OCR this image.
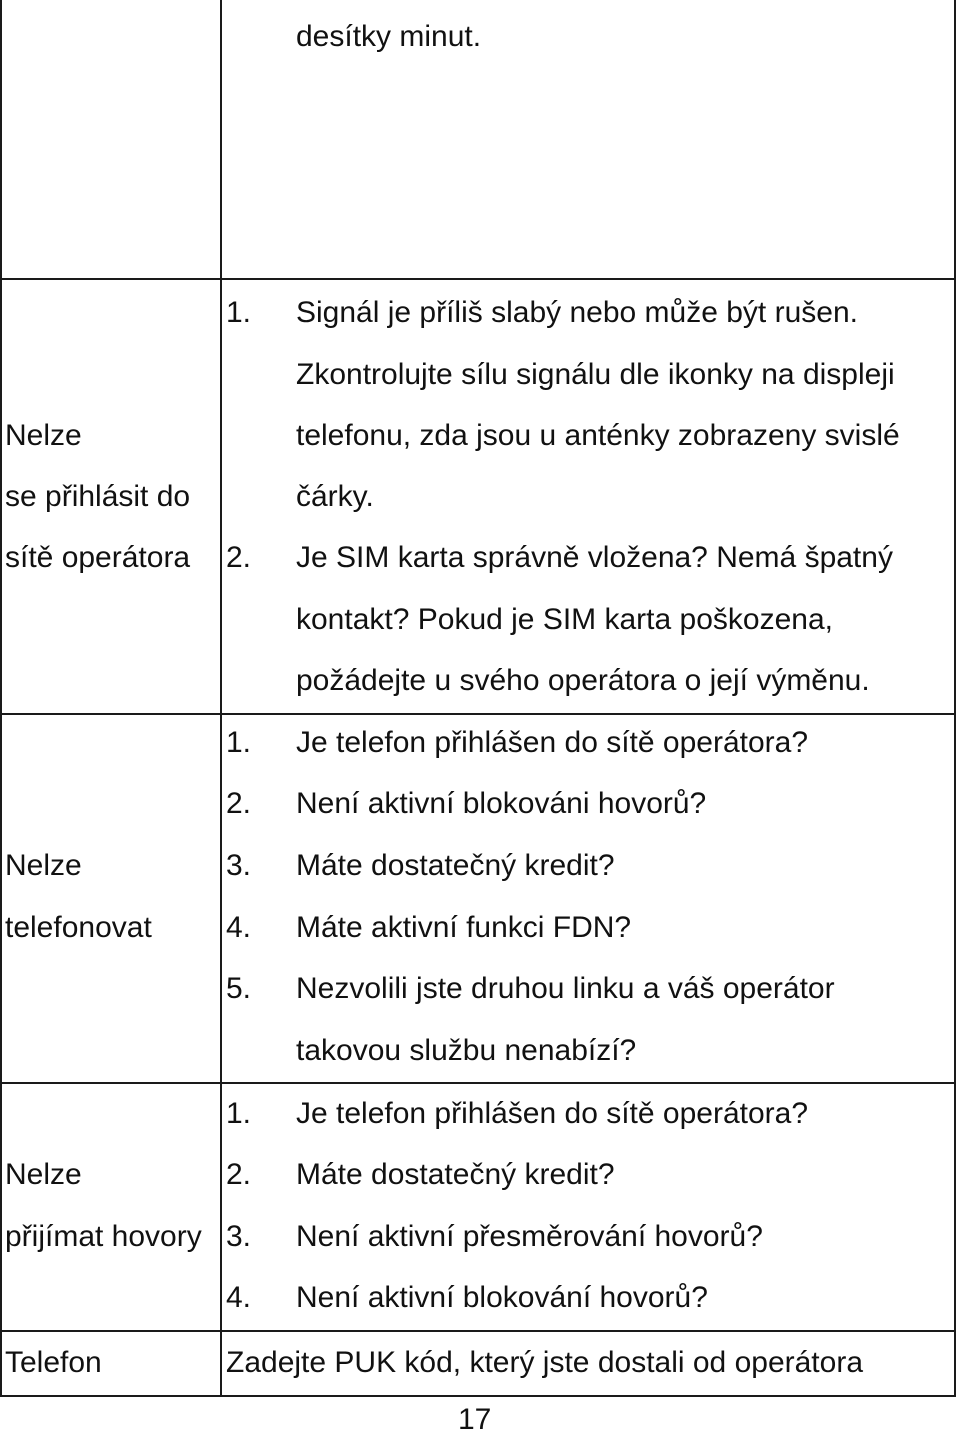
desítky minut.
Nelze
se přihlásit do
sítě operátora
1. Signál je příliš slabý nebo může být rušen.
Zkontrolujte sílu signálu dle ikonky na displeji
telefonu, zda jsou u anténky zobrazeny svislé
čárky.
2. Je SIM karta správně vložena? Nemá špatný
kontakt? Pokud je SIM karta poškozena,
požádejte u svého operátora o její výměnu.
Nelze
telefonovat
1. Je telefon přihlášen do sítě operátora?
2. Není aktivní blokováni hovorů?
3. Máte dostatečný kredit?
4. Máte aktivní funkci FDN?
5. Nezvolili jste druhou linku a váš operátor
takovou službu nenabízí?
Nelze
přijímat hovory
1. Je telefon přihlášen do sítě operátora?
2. Máte dostatečný kredit?
3. Není aktivní přesměrování hovorů?
4. Není aktivní blokování hovorů?
Telefon	Zadejte PUK kód, který jste dostali od operátora
17
